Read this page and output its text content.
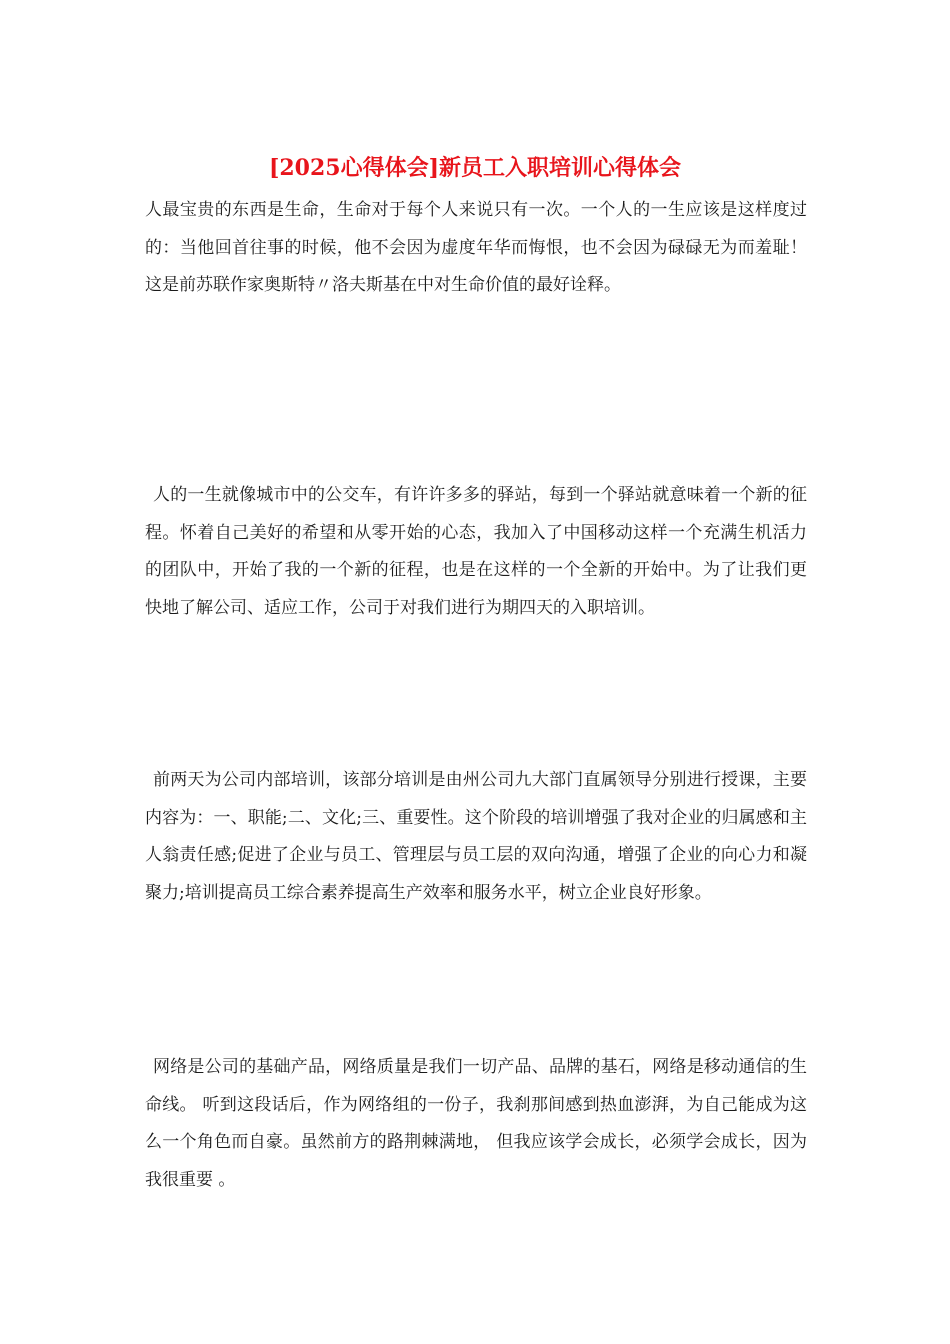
[2025心得体会]新员工入职培训心得体会

人最宝贵的东西是生命，生命对于每个人来说只有一次。一个人的一生应该是这样度过的：当他回首往事的时候，他不会因为虚度年华而悔恨，也不会因为碌碌无为而羞耻！这是前苏联作家奥斯特〃洛夫斯基在中对生命价值的最好诠释。

人的一生就像城市中的公交车，有许许多多的驿站，每到一个驿站就意味着一个新的征程。怀着自己美好的希望和从零开始的心态，我加入了中国移动这样一个充满生机活力的团队中，开始了我的一个新的征程，也是在这样的一个全新的开始中。为了让我们更快地了解公司、适应工作，公司于对我们进行为期四天的入职培训。

前两天为公司内部培训，该部分培训是由州公司九大部门直属领导分别进行授课，主要内容为：一、职能;二、文化;三、重要性。这个阶段的培训增强了我对企业的归属感和主人翁责任感;促进了企业与员工、管理层与员工层的双向沟通，增强了企业的向心力和凝聚力;培训提高员工综合素养提高生产效率和服务水平，树立企业良好形象。

网络是公司的基础产品，网络质量是我们一切产品、品牌的基石，网络是移动通信的生命线。 听到这段话后，作为网络组的一份子，我刹那间感到热血澎湃，为自己能成为这么一个角色而自豪。虽然前方的路荆棘满地， 但我应该学会成长，必须学会成长，因为 我很重要 。
